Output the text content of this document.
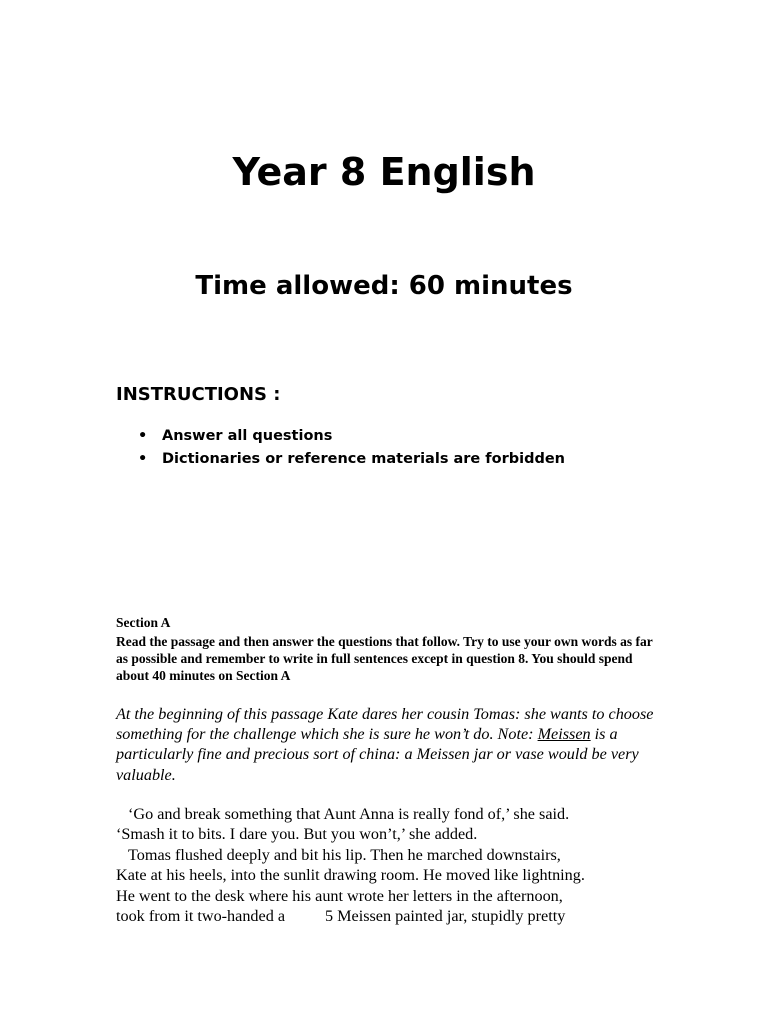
Year 8 English
Time allowed: 60 minutes
INSTRUCTIONS :
• Answer all questions
• Dictionaries or reference materials are forbidden

Section A

Read the passage and then answer the questions that follow. Try to use your own words as far as possible and remember to write in full sentences except in question 8. You should spend about 40 minutes on Section A

At the beginning of this passage Kate dares her cousin Tomas: she wants to choose something for the challenge which she is sure he won’t do. Note: Meissen is a particularly fine and precious sort of china: a Meissen jar or vase would be very valuable.

‘Go and break something that Aunt Anna is really fond of,’ she said.
‘Smash it to bits. I dare you. But you won’t,’ she added.
Tomas flushed deeply and bit his lip. Then he marched downstairs,
Kate at his heels, into the sunlit drawing room. He moved like lightning.
He went to the desk where his aunt wrote her letters in the afternoon,
took from it two-handed a 5 Meissen painted jar, stupidly pretty
